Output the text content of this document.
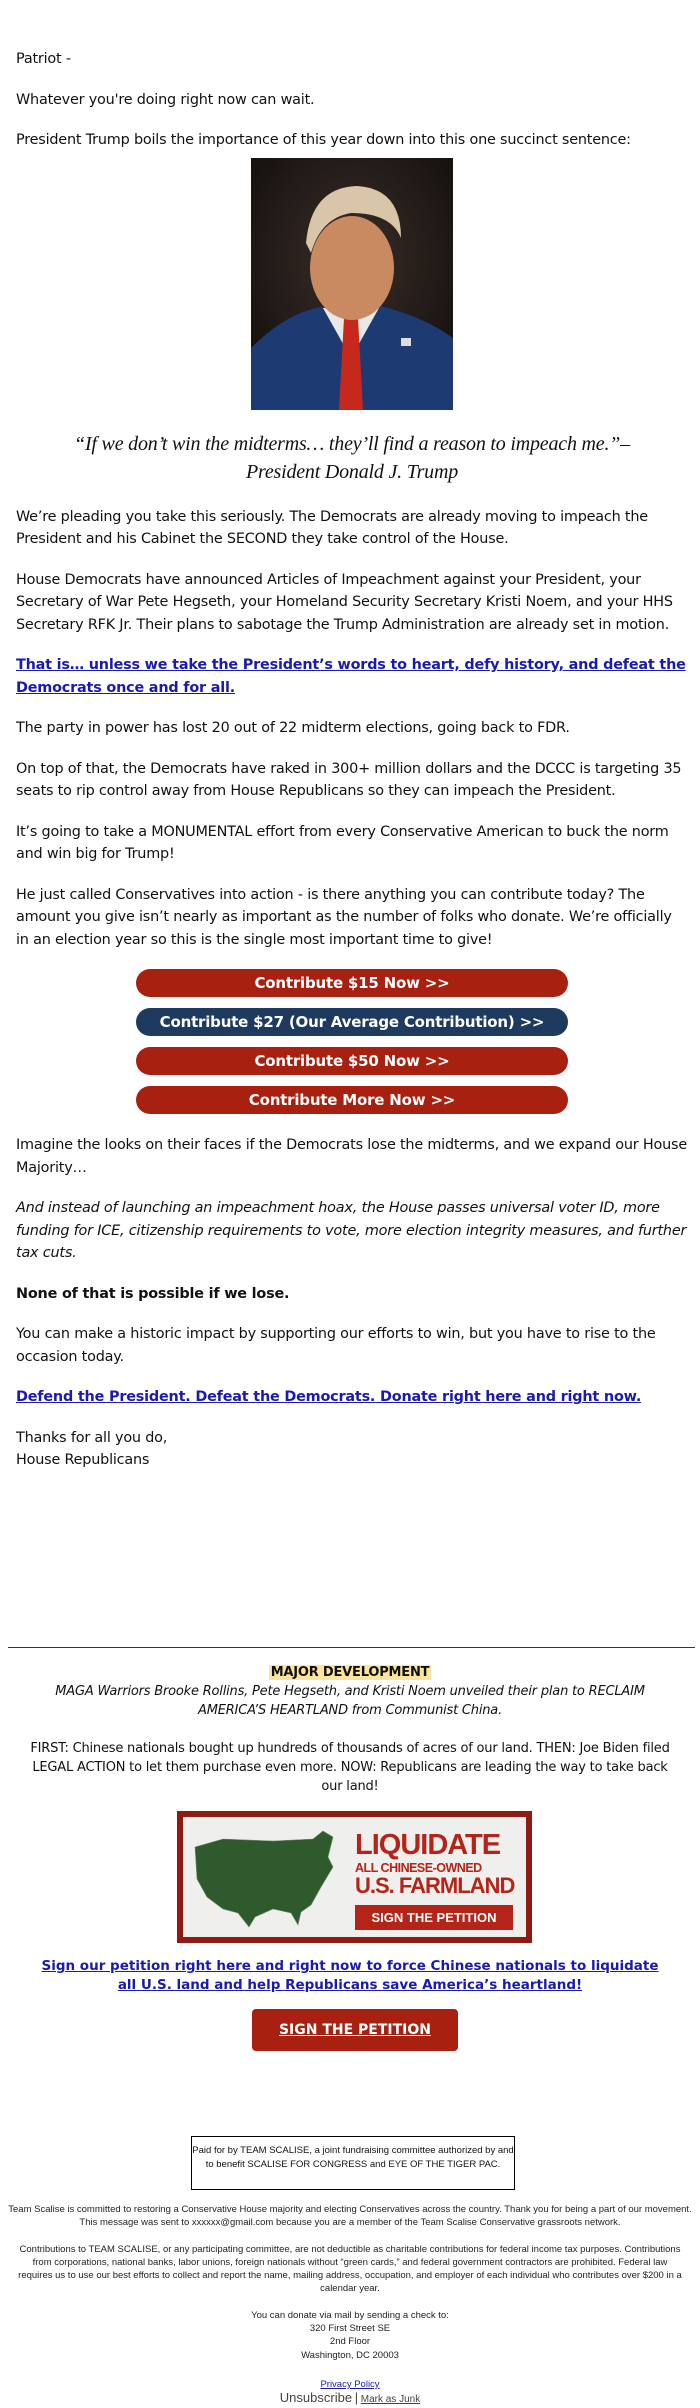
Patriot -

Whatever you're doing right now can wait.

President Trump boils the importance of this year down into this one succinct sentence:

“If we don’t win the midterms… they’ll find a reason to impeach me.”–
President Donald J. Trump

We’re pleading you take this seriously. The Democrats are already moving to impeach the President and his Cabinet the SECOND they take control of the House.

House Democrats have announced Articles of Impeachment against your President, your Secretary of War Pete Hegseth, your Homeland Security Secretary Kristi Noem, and your HHS Secretary RFK Jr. Their plans to sabotage the Trump Administration are already set in motion.

That is… unless we take the President’s words to heart, defy history, and defeat the Democrats once and for all.

The party in power has lost 20 out of 22 midterm elections, going back to FDR.

On top of that, the Democrats have raked in 300+ million dollars and the DCCC is targeting 35 seats to rip control away from House Republicans so they can impeach the President.

It’s going to take a MONUMENTAL effort from every Conservative American to buck the norm and win big for Trump!

He just called Conservatives into action - is there anything you can contribute today? The amount you give isn’t nearly as important as the number of folks who donate. We’re officially in an election year so this is the single most important time to give!

Contribute $15 Now >>
Contribute $27 (Our Average Contribution) >>
Contribute $50 Now >>
Contribute More Now >>

Imagine the looks on their faces if the Democrats lose the midterms, and we expand our House Majority…

And instead of launching an impeachment hoax, the House passes universal voter ID, more funding for ICE, citizenship requirements to vote, more election integrity measures, and further tax cuts.

None of that is possible if we lose.

You can make a historic impact by supporting our efforts to win, but you have to rise to the occasion today.

Defend the President. Defeat the Democrats. Donate right here and right now.

Thanks for all you do,
House Republicans

MAJOR DEVELOPMENT
MAGA Warriors Brooke Rollins, Pete Hegseth, and Kristi Noem unveiled their plan to RECLAIM AMERICA’S HEARTLAND from Communist China.
FIRST: Chinese nationals bought up hundreds of thousands of acres of our land. THEN: Joe Biden filed LEGAL ACTION to let them purchase even more. NOW: Republicans are leading the way to take back our land!
LIQUIDATE
ALL CHINESE-OWNED
U.S. FARMLAND
SIGN THE PETITION
Sign our petition right here and right now to force Chinese nationals to liquidate all U.S. land and help Republicans save America’s heartland!
SIGN THE PETITION
Paid for by TEAM SCALISE, a joint fundraising committee authorized by and to benefit SCALISE FOR CONGRESS and EYE OF THE TIGER PAC.

Team Scalise is committed to restoring a Conservative House majority and electing Conservatives across the country. Thank you for being a part of our movement. This message was sent to xxxxxx@gmail.com because you are a member of the Team Scalise Conservative grassroots network.

Contributions to TEAM SCALISE, or any participating committee, are not deductible as charitable contributions for federal income tax purposes. Contributions from corporations, national banks, labor unions, foreign nationals without “green cards,” and federal government contractors are prohibited. Federal law requires us to use our best efforts to collect and report the name, mailing address, occupation, and employer of each individual who contributes over $200 in a calendar year.

You can donate via mail by sending a check to:
320 First Street SE
2nd Floor
Washington, DC 20003

Privacy Policy
Unsubscribe | Mark as Junk
